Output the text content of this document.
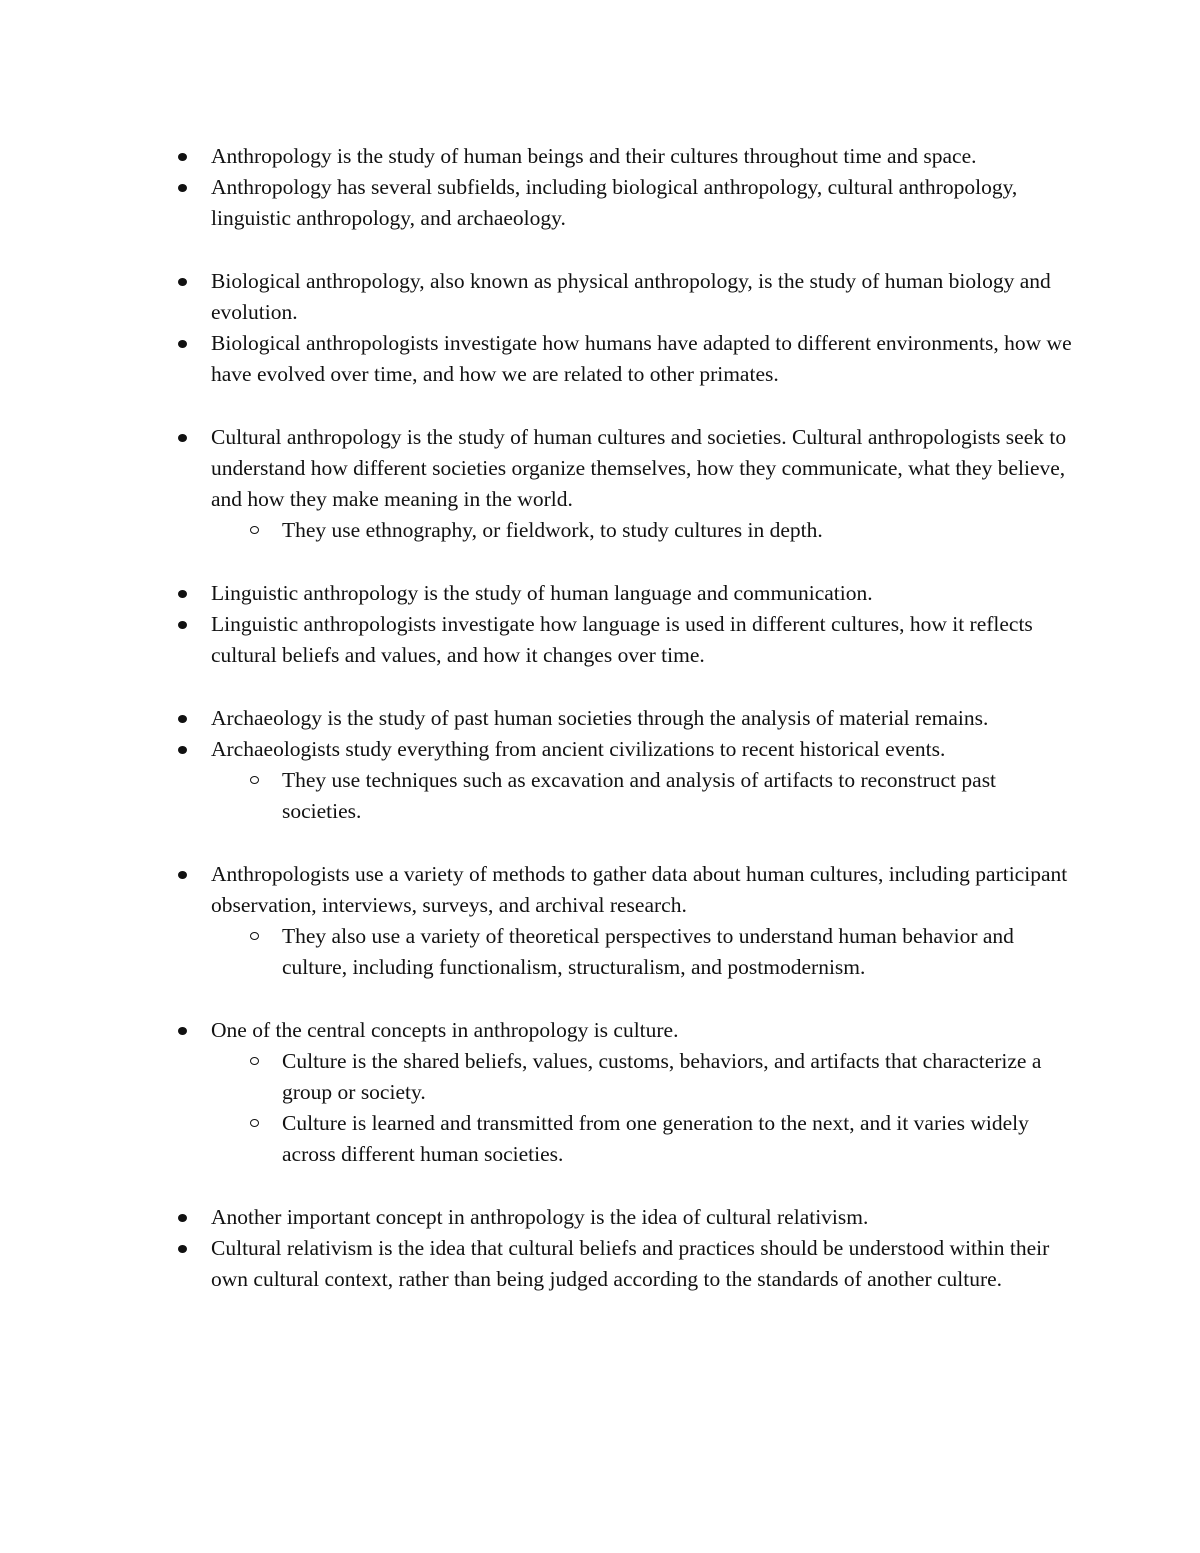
Anthropology is the study of human beings and their cultures throughout time and space.
Anthropology has several subfields, including biological anthropology, cultural anthropology, linguistic anthropology, and archaeology.
Biological anthropology, also known as physical anthropology, is the study of human biology and evolution.
Biological anthropologists investigate how humans have adapted to different environments, how we have evolved over time, and how we are related to other primates.
Cultural anthropology is the study of human cultures and societies. Cultural anthropologists seek to understand how different societies organize themselves, how they communicate, what they believe, and how they make meaning in the world.
They use ethnography, or fieldwork, to study cultures in depth.
Linguistic anthropology is the study of human language and communication.
Linguistic anthropologists investigate how language is used in different cultures, how it reflects cultural beliefs and values, and how it changes over time.
Archaeology is the study of past human societies through the analysis of material remains.
Archaeologists study everything from ancient civilizations to recent historical events.
They use techniques such as excavation and analysis of artifacts to reconstruct past societies.
Anthropologists use a variety of methods to gather data about human cultures, including participant observation, interviews, surveys, and archival research.
They also use a variety of theoretical perspectives to understand human behavior and culture, including functionalism, structuralism, and postmodernism.
One of the central concepts in anthropology is culture.
Culture is the shared beliefs, values, customs, behaviors, and artifacts that characterize a group or society.
Culture is learned and transmitted from one generation to the next, and it varies widely across different human societies.
Another important concept in anthropology is the idea of cultural relativism.
Cultural relativism is the idea that cultural beliefs and practices should be understood within their own cultural context, rather than being judged according to the standards of another culture.
